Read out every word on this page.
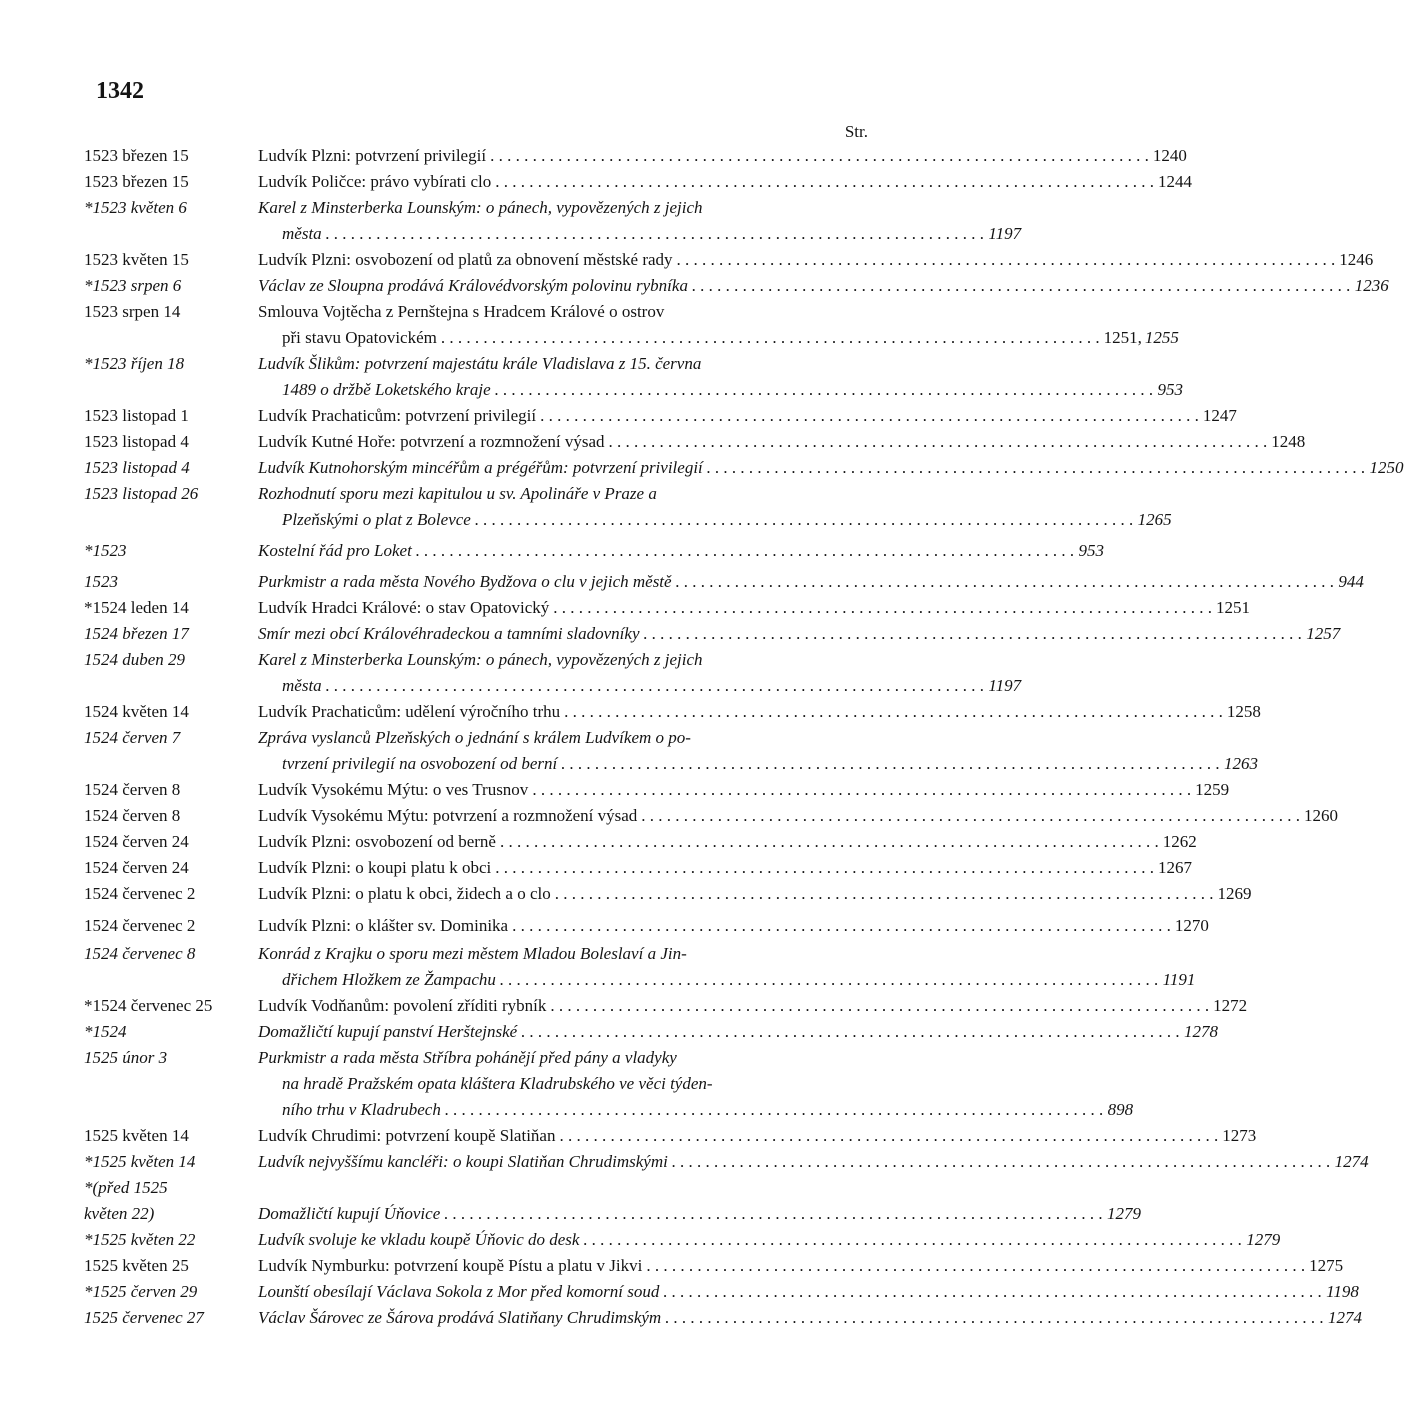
1342
Str.
1523 březen 15	Ludvík Plzni: potvrzení privilegií . . .	1240
1523 březen 15	Ludvík Poličce: právo vybírati clo . . .	1244
*1523 květen 6	Karel z Minsterberka Lounským: o pánech, vypovězených z jejich
města . . .	1197
1523 květen 15	Ludvík Plzni: osvobození od platů za obnovení městské rady . . .	1246
*1523 srpen 6	Václav ze Sloupna prodává Královédvorským polovinu rybníka . . .	1236
1523 srpen 14	Smlouva Vojtěcha z Pernštejna s Hradcem Králové o ostrov
při stavu Opatovickém . . .	1251, 1255
*1523 říjen 18	Ludvík Šlikům: potvrzení majestátu krále Vladislava z 15. června
1489 o držbě Loketského kraje . . .	953
1523 listopad 1	Ludvík Prachaticům: potvrzení privilegií . . .	1247
1523 listopad 4	Ludvík Kutné Hoře: potvrzení a rozmnožení výsad . . .	1248
1523 listopad 4	Ludvík Kutnohorským mincéřům a prégéřům: potvrzení privilegií . . .	1250
1523 listopad 26	Rozhodnutí sporu mezi kapitulou u sv. Apolináře v Praze a
Plzeňskými o plat z Bolevce . . .	1265
*1523	Kostelní řád pro Loket . . .	953
1523	Purkmistr a rada města Nového Bydžova o clu v jejich městě . . .	944
*1524 leden 14	Ludvík Hradci Králové: o stav Opatovický . . .	1251
1524 březen 17	Smír mezi obcí Královéhradeckou a tamními sladovníky . . .	1257
1524 duben 29	Karel z Minsterberka Lounským: o pánech, vypovězených z jejich
města . . .	1197
1524 květen 14	Ludvík Prachaticům: udělení výročního trhu . . .	1258
1524 červen 7	Zpráva vyslanců Plzeňských o jednání s králem Ludvíkem o po-
tvrzení privilegií na osvobození od berní . . .	1263
1524 červen 8	Ludvík Vysokému Mýtu: o ves Trusnov . . .	1259
1524 červen 8	Ludvík Vysokému Mýtu: potvrzení a rozmnožení výsad . . .	1260
1524 červen 24	Ludvík Plzni: osvobození od berně . . .	1262
1524 červen 24	Ludvík Plzni: o koupi platu k obci . . .	1267
1524 červenec 2	Ludvík Plzni: o platu k obci, židech a o clo . . .	1269
1524 červenec 2	Ludvík Plzni: o klášter sv. Dominika . . .	1270
1524 červenec 8	Konrád z Krajku o sporu mezi městem Mladou Boleslaví a Jin-
dřichem Hložkem ze Žampachu . . .	1191
*1524 červenec 25	Ludvík Vodňanům: povolení zříditi rybník . . .	1272
*1524	Domažličtí kupují panství Herštejnské . . .	1278
1525 únor 3	Purkmistr a rada města Stříbra pohánějí před pány a vladyky
na hradě Pražském opata kláštera Kladrubského ve věci týden-
ního trhu v Kladrubech . . .	898
1525 květen 14	Ludvík Chrudimi: potvrzení koupě Slatiňan . . .	1273
*1525 květen 14	Ludvík nejvyššímu kancléři: o koupi Slatiňan Chrudimskými . . .	1274
*(před 1525
květen 22)	Domažličtí kupují Úňovice . . .	1279
*1525 květen 22	Ludvík svoluje ke vkladu koupě Úňovic do desk . . .	1279
1525 květen 25	Ludvík Nymburku: potvrzení koupě Pístu a platu v Jikvi . . .	1275
*1525 červen 29	Lounští obesílají Václava Sokola z Mor před komorní soud . . .	1198
1525 červenec 27	Václav Šárovec ze Šárova prodává Slatiňany Chrudimským . . .	1274
